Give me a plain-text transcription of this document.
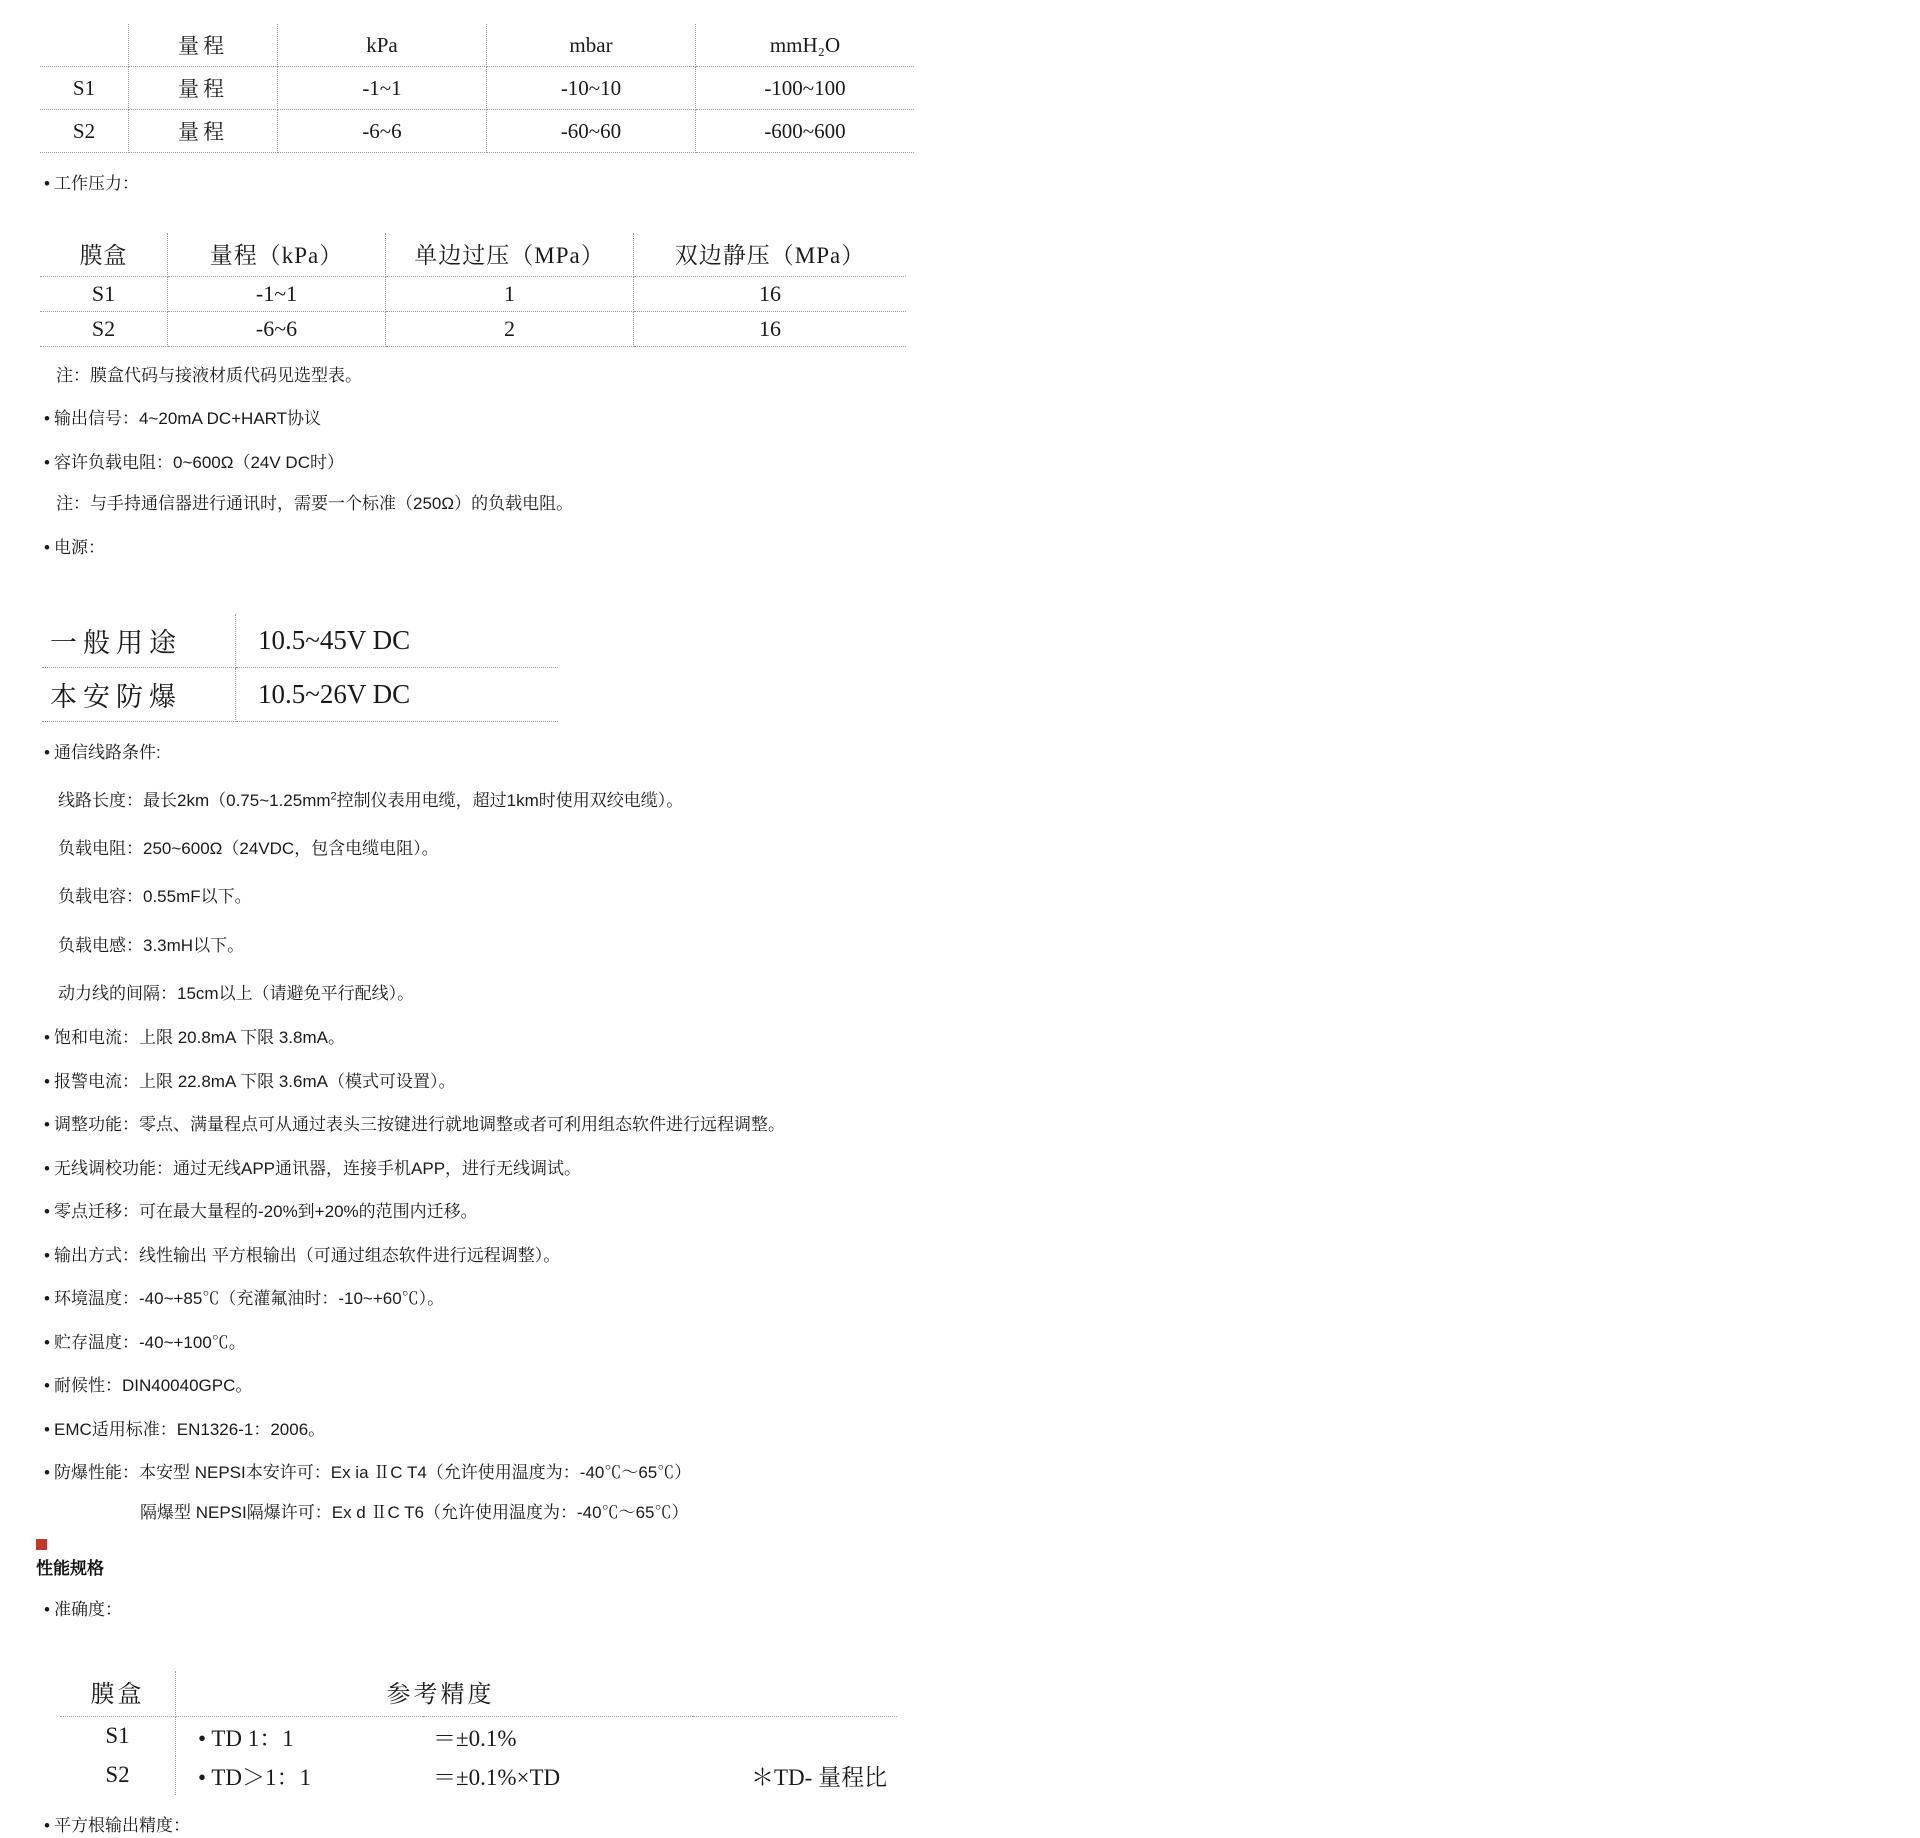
	量程	kPa	mbar	mmH₂O
S1	量程	-1~1	-10~10	-100~100
S2	量程	-6~6	-60~60	-600~600
• 工作压力：
膜盒	量程（kPa）	单边过压（MPa）	双边静压（MPa）
S1	-1~1	1	16
S2	-6~6	2	16
注：膜盒代码与接液材质代码见选型表。
• 输出信号：4~20mA DC+HART协议
• 容许负载电阻：0~600Ω（24V DC时）
注：与手持通信器进行通讯时，需要一个标准（250Ω）的负载电阻。
• 电源：
一般用途	10.5~45V DC
本安防爆	10.5~26V DC
• 通信线路条件:
线路长度：最长$2km(0.75\sim 1.25mm^2$控制仪表用电缆，超过1km时使用双绞电缆）。
负载电阻：250~600Ω（24VDC，包含电缆电阻）。
负载电容：0.55mF以下。
负载电感：3.3mH以下。
动力线的间隔：15cm以上（请避免平行配线）。
• 饱和电流：上限 20.8mA 下限 3.8mA。
• 报警电流：上限 22.8mA 下限 3.6mA（模式可设置）。
• 调整功能：零点、满量程点可从通过表头三按键进行就地调整或者可利用组态软件进行远程调整。
• 无线调校功能：通过无线APP通讯器，连接手机APP，进行无线调试。
• 零点迁移：可在最大量程的-20%到+20%的范围内迁移。
• 输出方式：线性输出 平方根输出（可通过组态软件进行远程调整）。
• 环境温度：-40~+85℃（充灌氟油时：-10~+60℃）。
• 贮存温度：-40~+100℃。
• 耐候性：DIN40040GPC。
• EMC适用标准：EN1326-1：2006。
• 防爆性能：本安型 NEPSI本安许可：Ex ia ⅡC T4（允许使用温度为：-40℃～65℃）
隔爆型 NEPSI隔爆许可：Ex d ⅡC T6（允许使用温度为：-40℃～65℃）
性能规格
• 准确度：
膜盒	参考精度		
S1	• TD 1：1	＝±0.1%	
S2	• TD＞1：1	＝±0.1%×TD	＊TD- 量程比
• 平方根输出精度：
